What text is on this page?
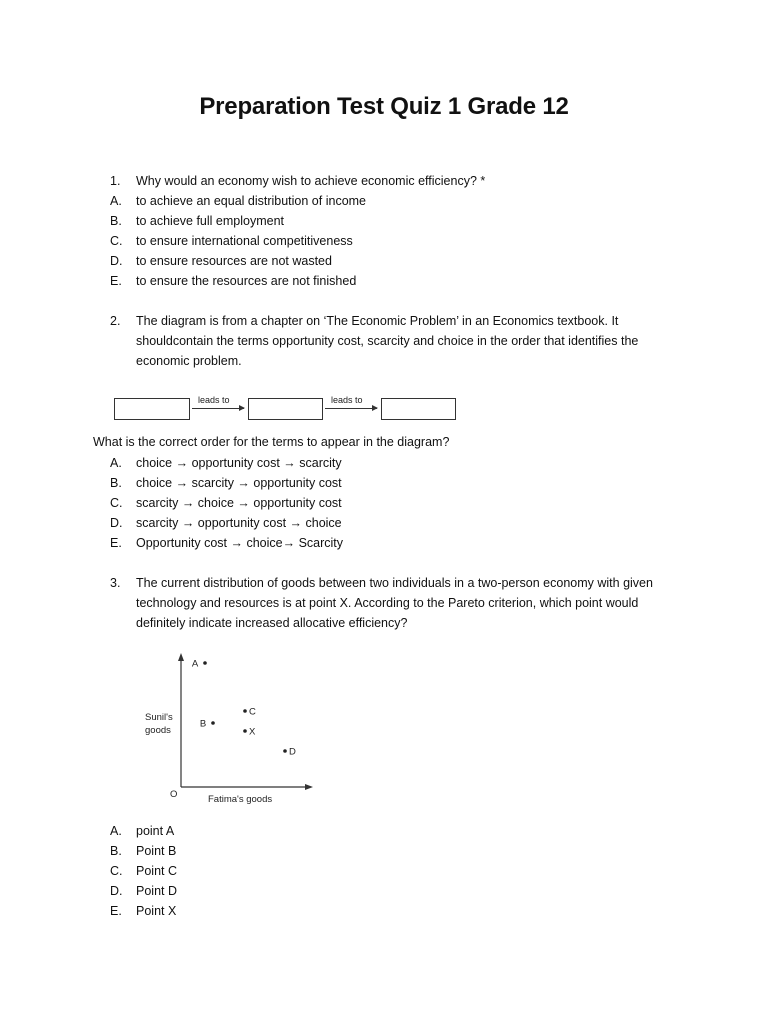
Preparation Test Quiz 1 Grade 12
1.	Why would an economy wish to achieve economic efficiency? *
A.	to achieve an equal distribution of income
B.	to achieve full employment
C.	to ensure international competitiveness
D.	to ensure resources are not wasted
E.	to ensure the resources are not finished
2.	The diagram is from a chapter on ‘The Economic Problem’ in an Economics textbook. It
shouldcontain the terms opportunity cost, scarcity and choice in the order that identifies the
economic problem.
leads to	leads to
What is the correct order for the terms to appear in the diagram?
A.	choice → opportunity cost → scarcity
B.	choice → scarcity → opportunity cost
C.	scarcity → choice → opportunity cost
D.	scarcity → opportunity cost → choice
E.	Opportunity cost → choice→ Scarcity
3.	The current distribution of goods between two individuals in a two-person economy with given
technology and resources is at point X. According to the Pareto criterion, which point would
definitely indicate increased allocative efficiency?
Sunil's
goods
Fatima's goods
O
A
B
C
X
D
A.	point A
B.	Point B
C.	Point C
D.	Point D
E.	Point X
